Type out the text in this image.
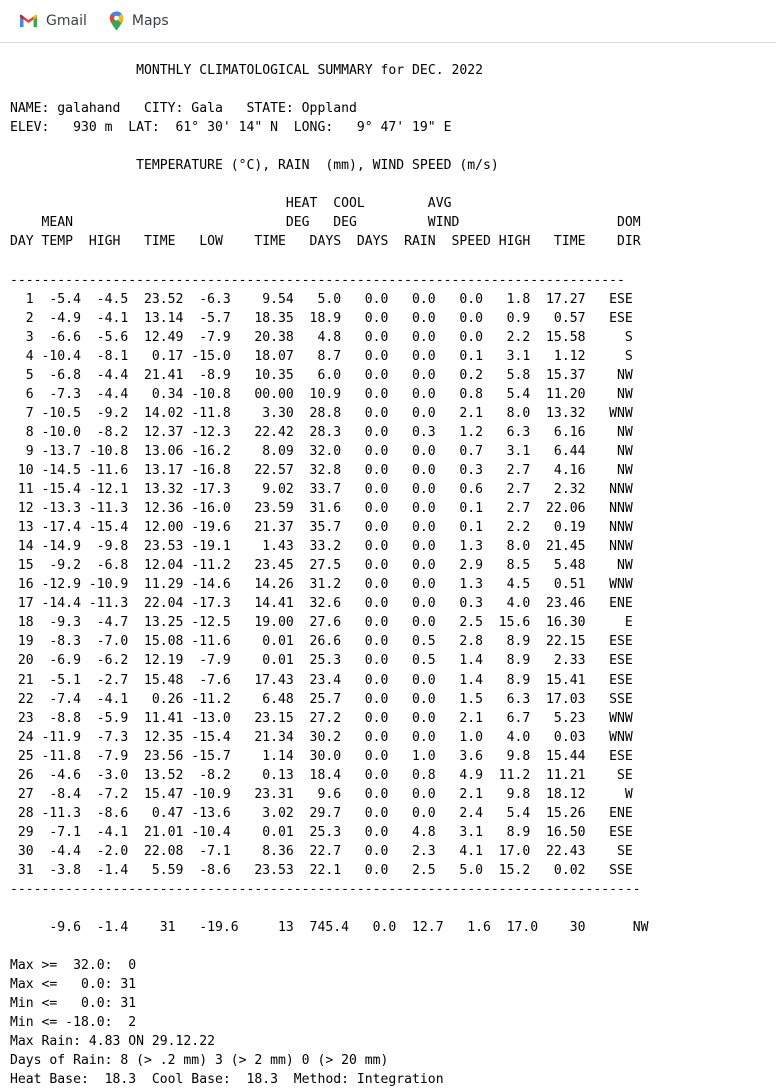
Gmail	Maps
MONTHLY CLIMATOLOGICAL SUMMARY for DEC. 2022

NAME: galahand   CITY: Gala   STATE: Oppland
ELEV:   930 m  LAT:  61° 30' 14" N  LONG:   9° 47' 19" E

TEMPERATURE (°C), RAIN  (mm), WIND SPEED (m/s)

HEAT  COOL        AVG
MEAN                           DEG   DEG         WIND                    DOM
DAY TEMP  HIGH   TIME   LOW    TIME   DAYS  DAYS  RAIN  SPEED HIGH   TIME    DIR

------------------------------------------------------------------------------
1  -5.4  -4.5  23.52  -6.3    9.54   5.0   0.0   0.0   0.0   1.8  17.27   ESE
2  -4.9  -4.1  13.14  -5.7   18.35  18.9   0.0   0.0   0.0   0.9   0.57   ESE
3  -6.6  -5.6  12.49  -7.9   20.38   4.8   0.0   0.0   0.0   2.2  15.58     S
4 -10.4  -8.1   0.17 -15.0   18.07   8.7   0.0   0.0   0.1   3.1   1.12     S
5  -6.8  -4.4  21.41  -8.9   10.35   6.0   0.0   0.0   0.2   5.8  15.37    NW
6  -7.3  -4.4   0.34 -10.8   00.00  10.9   0.0   0.0   0.8   5.4  11.20    NW
7 -10.5  -9.2  14.02 -11.8    3.30  28.8   0.0   0.0   2.1   8.0  13.32   WNW
8 -10.0  -8.2  12.37 -12.3   22.42  28.3   0.0   0.3   1.2   6.3   6.16    NW
9 -13.7 -10.8  13.06 -16.2    8.09  32.0   0.0   0.0   0.7   3.1   6.44    NW
10 -14.5 -11.6  13.17 -16.8   22.57  32.8   0.0   0.0   0.3   2.7   4.16    NW
11 -15.4 -12.1  13.32 -17.3    9.02  33.7   0.0   0.0   0.6   2.7   2.32   NNW
12 -13.3 -11.3  12.36 -16.0   23.59  31.6   0.0   0.0   0.1   2.7  22.06   NNW
13 -17.4 -15.4  12.00 -19.6   21.37  35.7   0.0   0.0   0.1   2.2   0.19   NNW
14 -14.9  -9.8  23.53 -19.1    1.43  33.2   0.0   0.0   1.3   8.0  21.45   NNW
15  -9.2  -6.8  12.04 -11.2   23.45  27.5   0.0   0.0   2.9   8.5   5.48    NW
16 -12.9 -10.9  11.29 -14.6   14.26  31.2   0.0   0.0   1.3   4.5   0.51   WNW
17 -14.4 -11.3  22.04 -17.3   14.41  32.6   0.0   0.0   0.3   4.0  23.46   ENE
18  -9.3  -4.7  13.25 -12.5   19.00  27.6   0.0   0.0   2.5  15.6  16.30     E
19  -8.3  -7.0  15.08 -11.6    0.01  26.6   0.0   0.5   2.8   8.9  22.15   ESE
20  -6.9  -6.2  12.19  -7.9    0.01  25.3   0.0   0.5   1.4   8.9   2.33   ESE
21  -5.1  -2.7  15.48  -7.6   17.43  23.4   0.0   0.0   1.4   8.9  15.41   ESE
22  -7.4  -4.1   0.26 -11.2    6.48  25.7   0.0   0.0   1.5   6.3  17.03   SSE
23  -8.8  -5.9  11.41 -13.0   23.15  27.2   0.0   0.0   2.1   6.7   5.23   WNW
24 -11.9  -7.3  12.35 -15.4   21.34  30.2   0.0   0.0   1.0   4.0   0.03   WNW
25 -11.8  -7.9  23.56 -15.7    1.14  30.0   0.0   1.0   3.6   9.8  15.44   ESE
26  -4.6  -3.0  13.52  -8.2    0.13  18.4   0.0   0.8   4.9  11.2  11.21    SE
27  -8.4  -7.2  15.47 -10.9   23.31   9.6   0.0   0.0   2.1   9.8  18.12     W
28 -11.3  -8.6   0.47 -13.6    3.02  29.7   0.0   0.0   2.4   5.4  15.26   ENE
29  -7.1  -4.1  21.01 -10.4    0.01  25.3   0.0   4.8   3.1   8.9  16.50   ESE
30  -4.4  -2.0  22.08  -7.1    8.36  22.7   0.0   2.3   4.1  17.0  22.43    SE
31  -3.8  -1.4   5.59  -8.6   23.53  22.1   0.0   2.5   5.0  15.2   0.02   SSE
--------------------------------------------------------------------------------

-9.6  -1.4    31   -19.6     13  745.4   0.0  12.7   1.6  17.0    30      NW

Max >=  32.0:  0
Max <=   0.0: 31
Min <=   0.0: 31
Min <= -18.0:  2
Max Rain: 4.83 ON 29.12.22
Days of Rain: 8 (> .2 mm) 3 (> 2 mm) 0 (> 20 mm)
Heat Base:  18.3  Cool Base:  18.3  Method: Integration
